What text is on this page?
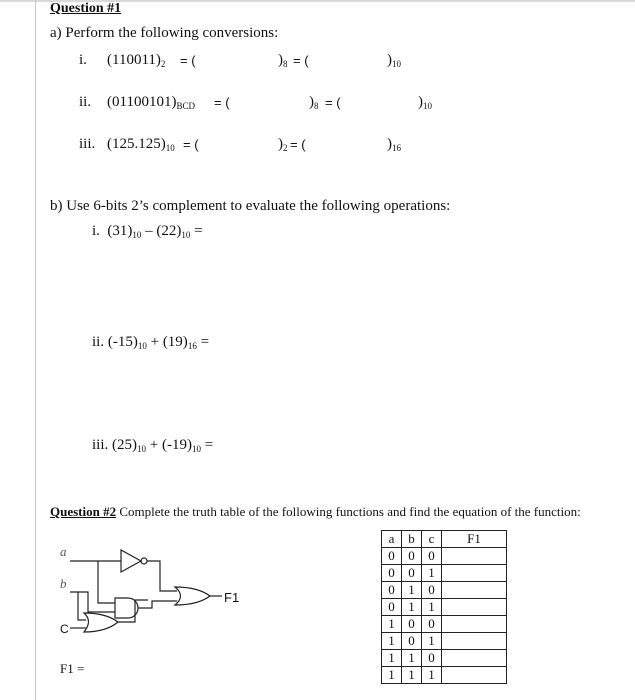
Question #1
a) Perform the following conversions:
i. $(110011)_2$ = (	)$_8$ = (	)$_{10}$
ii. $(01100101)_{BCD}$ = (	)$_8$ = (	)$_{10}$
iii. $(125.125)_{10}$ = (	)$_2$ = (	)$_{16}$
b) Use 6-bits 2’s complement to evaluate the following operations:
i. $(31)_{10} - (22)_{10}$ =
ii. $(-15)_{10} + (19)_{16}$ =
iii. $(25)_{10} + (-19)_{10}$ =
Question #2 Complete the truth table of the following functions and find the equation of the function:
a
b
C
F1
F1 =
a	b	c	F1
0	0	0	
0	0	1	
0	1	0	
0	1	1	
1	0	0	
1	0	1	
1	1	0	
1	1	1	
